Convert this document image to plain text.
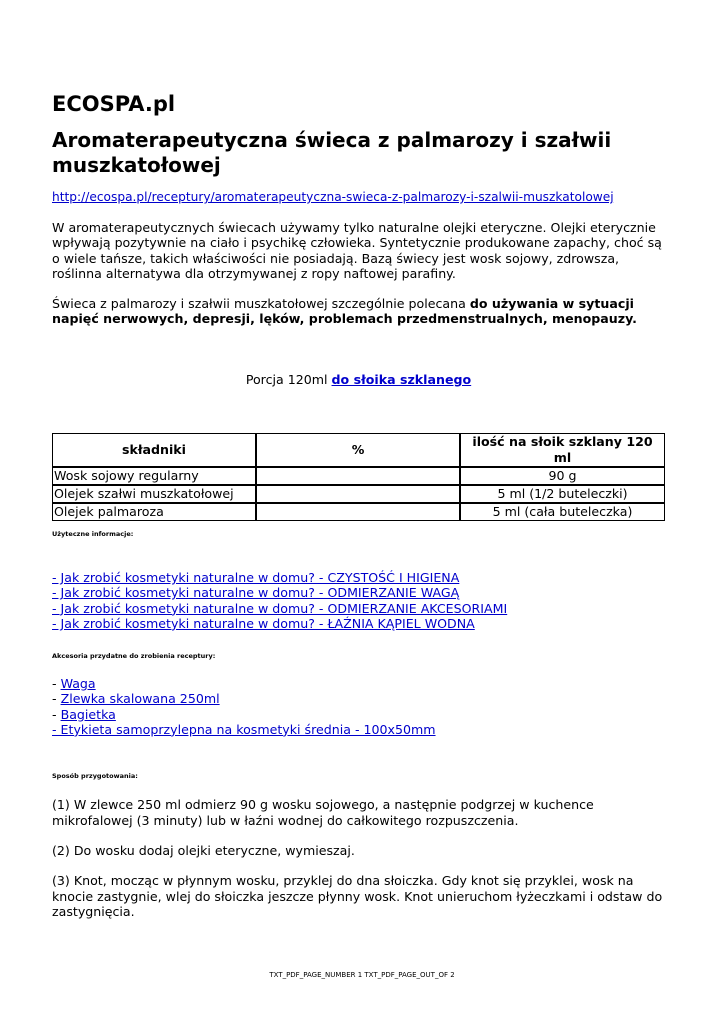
ECOSPA.pl
Aromaterapeutyczna świeca z palmarozy i szałwii muszkatołowej
http://ecospa.pl/receptury/aromaterapeutyczna-swieca-z-palmarozy-i-szalwii-muszkatolowej

W aromaterapeutycznych świecach używamy tylko naturalne olejki eteryczne. Olejki eterycznie wpływają pozytywnie na ciało i psychikę człowieka. Syntetycznie produkowane zapachy, choć są o wiele tańsze, takich właściwości nie posiadają. Bazą świecy jest wosk sojowy, zdrowsza, roślinna alternatywa dla otrzymywanej z ropy naftowej parafiny.

Świeca z palmarozy i szałwii muszkatołowej szczególnie polecana do używania w sytuacji napięć nerwowych, depresji, lęków, problemach przedmenstrualnych, menopauzy.

Porcja 120ml do słoika szklanego
składniki	%	ilość na słoik szklany 120 ml
Wosk sojowy regularny		90 g
Olejek szałwi muszkatołowej		5 ml (1/2 buteleczki)
Olejek palmaroza		5 ml (cała buteleczka)
Użyteczne informacje:
- Jak zrobić kosmetyki naturalne w domu? - CZYSTOŚĆ I HIGIENA
- Jak zrobić kosmetyki naturalne w domu? - ODMIERZANIE WAGĄ
- Jak zrobić kosmetyki naturalne w domu? - ODMIERZANIE AKCESORIAMI
- Jak zrobić kosmetyki naturalne w domu? - ŁAŹNIA KĄPIEL WODNA
Akcesoria przydatne do zrobienia receptury:
- Waga
- Zlewka skalowana 250ml
- Bagietka
- Etykieta samoprzylepna na kosmetyki średnia - 100x50mm
Sposób przygotowania:

(1) W zlewce 250 ml odmierz 90 g wosku sojowego, a następnie podgrzej w kuchence mikrofalowej (3 minuty) lub w łaźni wodnej do całkowitego rozpuszczenia.

(2) Do wosku dodaj olejki eteryczne, wymieszaj.

(3) Knot, mocząc w płynnym wosku, przyklej do dna słoiczka. Gdy knot się przyklei, wosk na knocie zastygnie, wlej do słoiczka jeszcze płynny wosk. Knot unieruchom łyżeczkami i odstaw do zastygnięcia.

TXT_PDF_PAGE_NUMBER 1 TXT_PDF_PAGE_OUT_OF 2
